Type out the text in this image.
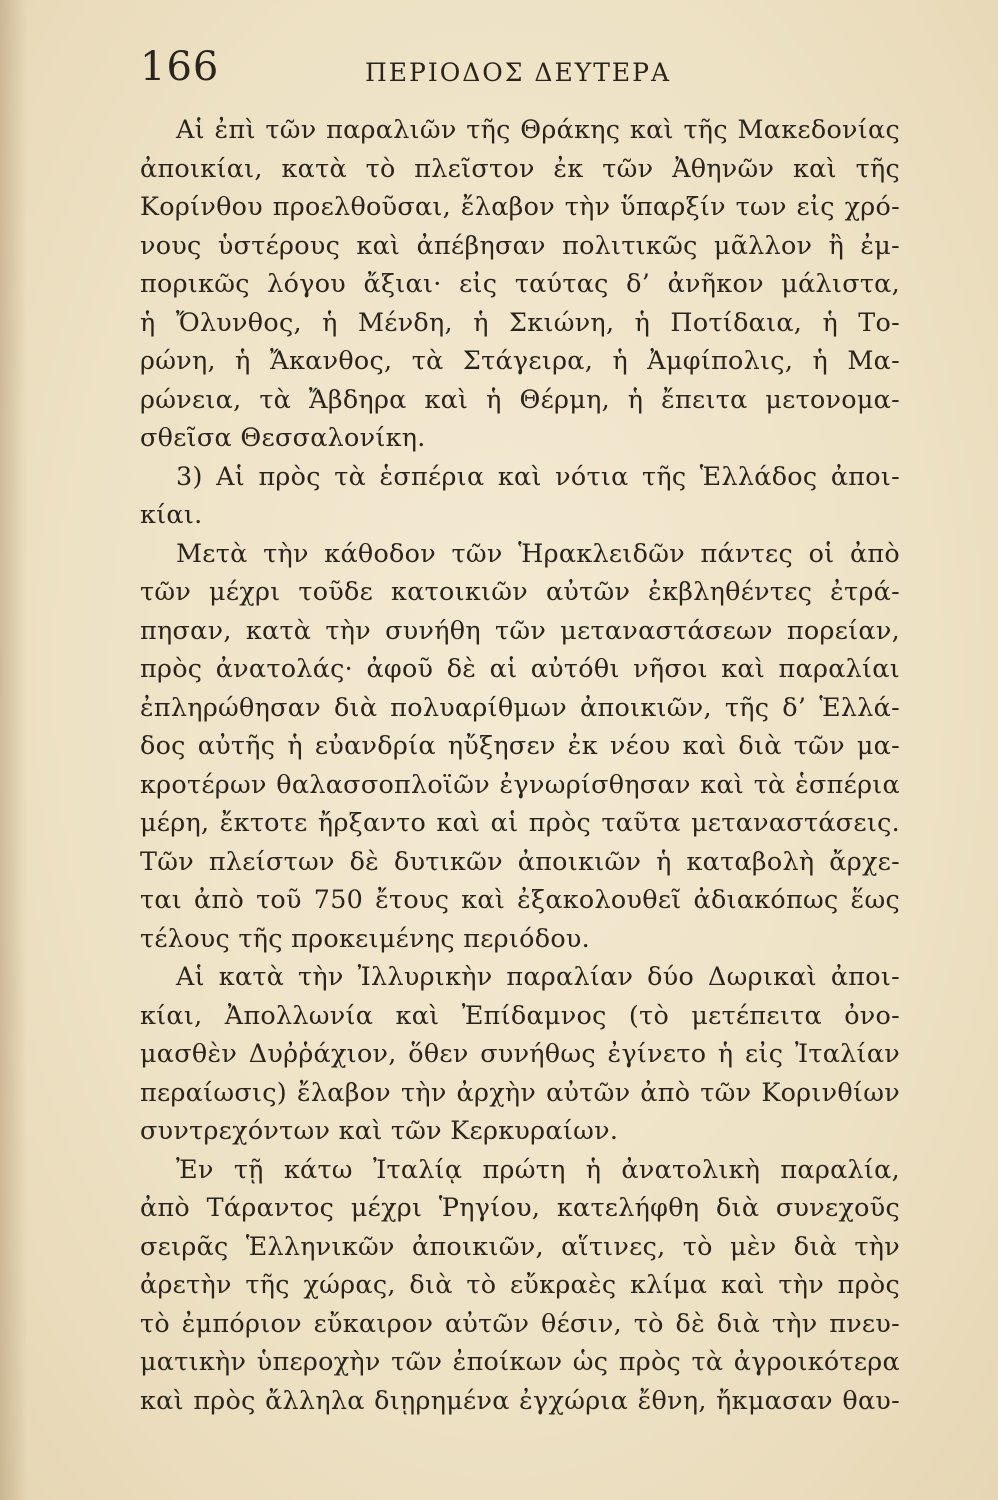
166	ΠΕΡΙΟΔΟΣ ΔΕΥΤΕΡΑ
Αἱ ἐπὶ τῶν παραλιῶν τῆς Θράκης καὶ τῆς Μακεδονίας
ἀποικίαι, κατὰ τὸ πλεῖστον ἐκ τῶν Ἀθηνῶν καὶ τῆς
Κορίνθου προελθοῦσαι, ἔλαβον τὴν ὕπαρξίν των εἰς χρό-
νους ὑστέρους καὶ ἀπέβησαν πολιτικῶς μᾶλλον ἢ ἐμ-
πορικῶς λόγου ἄξιαι· εἰς ταύτας δ’ ἀνῆκον μάλιστα,
ἡ Ὄλυνθος, ἡ Μένδη, ἡ Σκιώνη, ἡ Ποτίδαια, ἡ Το-
ρώνη, ἡ Ἄκανθος, τὰ Στάγειρα, ἡ Ἀμφίπολις, ἡ Μα-
ρώνεια, τὰ Ἄβδηρα καὶ ἡ Θέρμη, ἡ ἔπειτα μετονομα-
σθεῖσα Θεσσαλονίκη.
3) Αἱ πρὸς τὰ ἑσπέρια καὶ νότια τῆς Ἑλλάδος ἀποι-
κίαι.
Μετὰ τὴν κάθοδον τῶν Ἡρακλειδῶν πάντες οἱ ἀπὸ
τῶν μέχρι τοῦδε κατοικιῶν αὐτῶν ἐκβληθέντες ἐτρά-
πησαν, κατὰ τὴν συνήθη τῶν μεταναστάσεων πορείαν,
πρὸς ἀνατολάς· ἀφοῦ δὲ αἱ αὐτόθι νῆσοι καὶ παραλίαι
ἐπληρώθησαν διὰ πολυαρίθμων ἀποικιῶν, τῆς δ’ Ἑλλά-
δος αὐτῆς ἡ εὐανδρία ηὔξησεν ἐκ νέου καὶ διὰ τῶν μα-
κροτέρων θαλασσοπλοϊῶν ἐγνωρίσθησαν καὶ τὰ ἑσπέρια
μέρη, ἔκτοτε ἤρξαντο καὶ αἱ πρὸς ταῦτα μεταναστάσεις.
Τῶν πλείστων δὲ δυτικῶν ἀποικιῶν ἡ καταβολὴ ἄρχε-
ται ἀπὸ τοῦ 750 ἔτους καὶ ἐξακολουθεῖ ἀδιακόπως ἕως
τέλους τῆς προκειμένης περιόδου.
Αἱ κατὰ τὴν Ἰλλυρικὴν παραλίαν δύο Δωρικαὶ ἀποι-
κίαι, Ἀπολλωνία καὶ Ἐπίδαμνος (τὸ μετέπειτα ὀνο-
μασθὲν Δυῤῥάχιον, ὅθεν συνήθως ἐγίνετο ἡ εἰς Ἰταλίαν
περαίωσις) ἔλαβον τὴν ἀρχὴν αὐτῶν ἀπὸ τῶν Κορινθίων
συντρεχόντων καὶ τῶν Κερκυραίων.
Ἐν τῇ κάτω Ἰταλίᾳ πρώτη ἡ ἀνατολικὴ παραλία,
ἀπὸ Τάραντος μέχρι Ῥηγίου, κατελήφθη διὰ συνεχοῦς
σειρᾶς Ἑλληνικῶν ἀποικιῶν, αἵτινες, τὸ μὲν διὰ τὴν
ἀρετὴν τῆς χώρας, διὰ τὸ εὔκραὲς κλίμα καὶ τὴν πρὸς
τὸ ἐμπόριον εὔκαιρον αὐτῶν θέσιν, τὸ δὲ διὰ τὴν πνευ-
ματικὴν ὑπεροχὴν τῶν ἐποίκων ὡς πρὸς τὰ ἀγροικότερα
καὶ πρὸς ἄλληλα διῃρημένα ἐγχώρια ἔθνη, ἤκμασαν θαυ-
